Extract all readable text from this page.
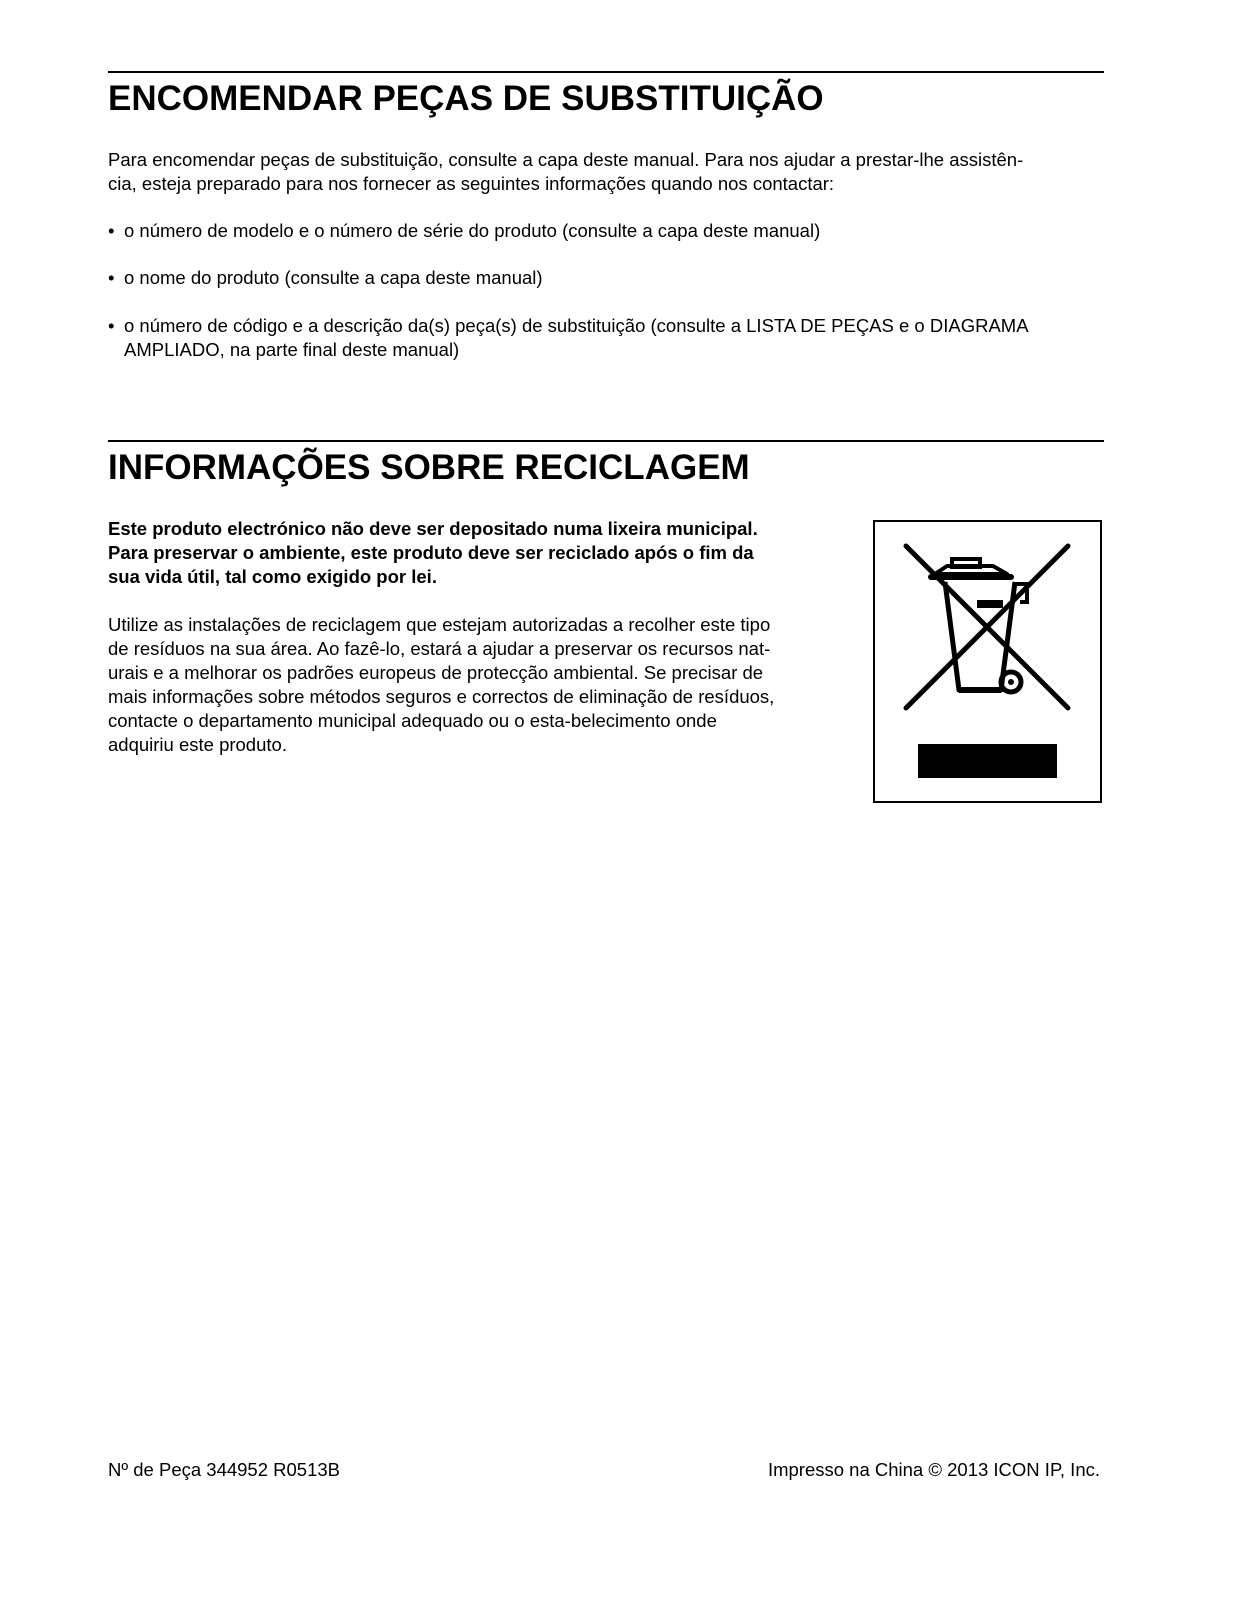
ENCOMENDAR PEÇAS DE SUBSTITUIÇÃO

Para encomendar peças de substituição, consulte a capa deste manual. Para nos ajudar a prestar-lhe assistên-
cia, esteja preparado para nos fornecer as seguintes informações quando nos contactar:

• o número de modelo e o número de série do produto (consulte a capa deste manual)
• o nome do produto (consulte a capa deste manual)
• o número de código e a descrição da(s) peça(s) de substituição (consulte a LISTA DE PEÇAS e o DIAGRAMA
AMPLIADO, na parte final deste manual)
INFORMAÇÕES SOBRE RECICLAGEM

Este produto electrónico não deve ser depositado numa lixeira municipal.
Para preservar o ambiente, este produto deve ser reciclado após o fim da
sua vida útil, tal como exigido por lei.

Utilize as instalações de reciclagem que estejam autorizadas a recolher este tipo
de resíduos na sua área. Ao fazê-lo, estará a ajudar a preservar os recursos nat-
urais e a melhorar os padrões europeus de protecção ambiental. Se precisar de
mais informações sobre métodos seguros e correctos de eliminação de resíduos,
contacte o departamento municipal adequado ou o esta-belecimento onde
adquiriu este produto.

Nº de Peça 344952 R0513B	Impresso na China © 2013 ICON IP, Inc.
